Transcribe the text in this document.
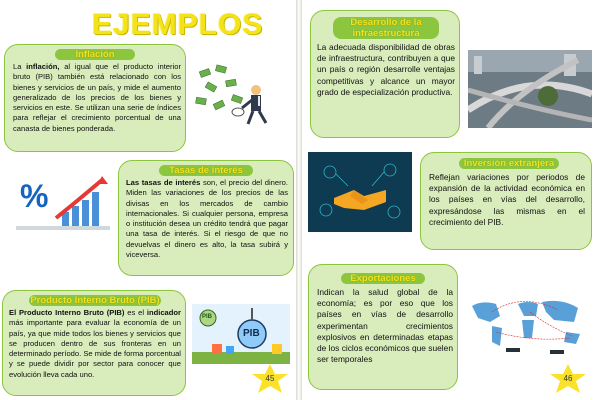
EJEMPLOS
Inflación

La inflación, al igual que el producto interior bruto (PIB) también está relacionado con los bienes y servicios de un país, y mide el aumento generalizado de los precios de los bienes y servicios en este. Se utilizan una serie de índices para reflejar el crecimiento porcentual de una canasta de bienes ponderada.

%
Tasas de interés

Las tasas de interés son, el precio del dinero. Miden las variaciones de los precios de las divisas en los mercados de cambio internacionales. Si cualquier persona, empresa o institución desea un crédito tendrá que pagar una tasa de interés. Si el riesgo de que no devuelvas el dinero es alto, la tasa subirá y viceversa.

Producto Interno Bruto (PIB)

El Producto Interno Bruto (PIB) es el indicador más importante para evaluar la economía de un país, ya que mide todos los bienes y servicios que se producen dentro de sus fronteras en un determinado período. Se mide de forma porcentual y se puede dividir por sector para conocer que evolución lleva cada uno.

PIB
PIB
45
Desarrollo de la infraestructura

La adecuada disponibilidad de obras de infraestructura, contribuyen a que un país o región desarrolle ventajas competitivas y alcance un mayor grado de especialización productiva.

Inversión extranjera

Reflejan variaciones por periodos de expansión de la actividad económica en los países en vías del desarrollo, expresándose las mismas en el crecimiento del PIB.

Exportaciones

Indican la salud global de la economía; es por eso que los países en vías de desarrollo experimentan crecimientos explosivos en determinadas etapas de los ciclos económicos que suelen ser temporales

46
